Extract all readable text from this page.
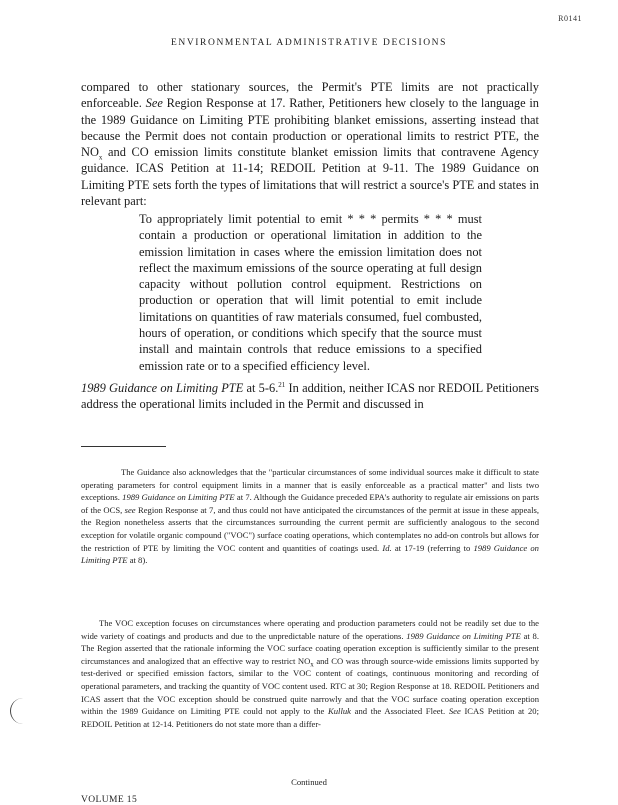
R0141
ENVIRONMENTAL ADMINISTRATIVE DECISIONS

compared to other stationary sources, the Permit's PTE limits are not practically enforceable. See Region Response at 17. Rather, Petitioners hew closely to the language in the 1989 Guidance on Limiting PTE prohibiting blanket emissions, asserting instead that because the Permit does not contain production or operational limits to restrict PTE, the $NO_x$ and CO emission limits constitute blanket emission limits that contravene Agency guidance. ICAS Petition at 11-14; REDOIL Petition at 9-11. The 1989 Guidance on Limiting PTE sets forth the types of limitations that will restrict a source's PTE and states in relevant part:

To appropriately limit potential to emit * * * permits * * * must contain a production or operational limitation in addition to the emission limitation in cases where the emission limitation does not reflect the maximum emissions of the source operating at full design capacity without pollution control equipment. Restrictions on production or operation that will limit potential to emit include limitations on quantities of raw materials consumed, fuel combusted, hours of operation, or conditions which specify that the source must install and maintain controls that reduce emissions to a specified emission rate or to a specified efficiency level.

1989 Guidance on Limiting PTE at 5-6.21 In addition, neither ICAS nor REDOIL Petitioners address the operational limits included in the Permit and discussed in

The Guidance also acknowledges that the "particular circumstances of some individual sources make it difficult to state operating parameters for control equipment limits in a manner that is easily enforceable as a practical matter" and lists two exceptions. 1989 Guidance on Limiting PTE at 7. Although the Guidance preceded EPA's authority to regulate air emissions on parts of the OCS, see Region Response at 7, and thus could not have anticipated the circumstances of the permit at issue in these appeals, the Region nonetheless asserts that the circumstances surrounding the current permit are sufficiently analogous to the second exception for volatile organic compound ("VOC") surface coating operations, which contemplates no add-on controls but allows for the restriction of PTE by limiting the VOC content and quantities of coatings used. Id. at 17-19 (referring to 1989 Guidance on Limiting PTE at 8).

The VOC exception focuses on circumstances where operating and production parameters could not be readily set due to the wide variety of coatings and products and due to the unpredictable nature of the operations. 1989 Guidance on Limiting PTE at 8. The Region asserted that the rationale informing the VOC surface coating operation exception is sufficiently similar to the present circumstances and analogized that an effective way to restrict $NO_x$ and CO was through source-wide emissions limits supported by test-derived or specified emission factors, similar to the VOC content of coatings, continuous monitoring and recording of operational parameters, and tracking the quantity of VOC content used. RTC at 30; Region Response at 18. REDOIL Petitioners and ICAS assert that the VOC exception should be construed quite narrowly and that the VOC surface coating operation exception within the 1989 Guidance on Limiting PTE could not apply to the Kulluk and the Associated Fleet. See ICAS Petition at 20; REDOIL Petition at 12-14. Petitioners do not state more than a differ-

Continued
VOLUME 15
